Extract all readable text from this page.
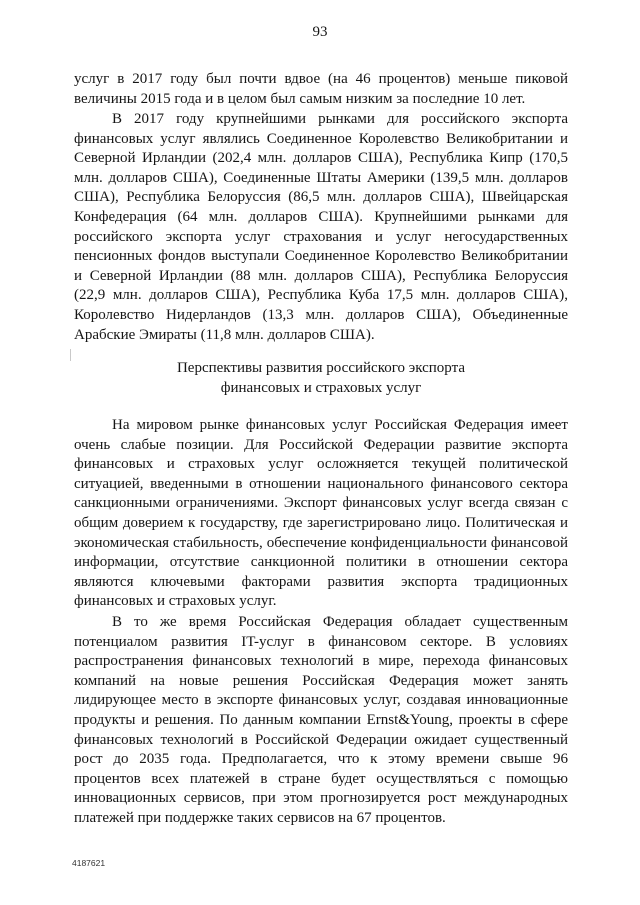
93

услуг в 2017 году был почти вдвое (на 46 процентов) меньше пиковой величины 2015 года и в целом был самым низким за последние 10 лет.

В 2017 году крупнейшими рынками для российского экспорта финансовых услуг являлись Соединенное Королевство Великобритании и Северной Ирландии (202,4 млн. долларов США), Республика Кипр (170,5 млн. долларов США), Соединенные Штаты Америки (139,5 млн. долларов США), Республика Белоруссия (86,5 млн. долларов США), Швейцарская Конфедерация (64 млн. долларов США). Крупнейшими рынками для российского экспорта услуг страхования и услуг негосударственных пенсионных фондов выступали Соединенное Королевство Великобритании и Северной Ирландии (88 млн. долларов США), Республика Белоруссия (22,9 млн. долларов США), Республика Куба 17,5 млн. долларов США), Королевство Нидерландов (13,3 млн. долларов США), Объединенные Арабские Эмираты (11,8 млн. долларов США).

Перспективы развития российского экспорта
финансовых и страховых услуг

На мировом рынке финансовых услуг Российская Федерация имеет очень слабые позиции. Для Российской Федерации развитие экспорта финансовых и страховых услуг осложняется текущей политической ситуацией, введенными в отношении национального финансового сектора санкционными ограничениями. Экспорт финансовых услуг всегда связан с общим доверием к государству, где зарегистрировано лицо. Политическая и экономическая стабильность, обеспечение конфиденциальности финансовой информации, отсутствие санкционной политики в отношении сектора являются ключевыми факторами развития экспорта традиционных финансовых и страховых услуг.

В то же время Российская Федерация обладает существенным потенциалом развития IT-услуг в финансовом секторе. В условиях распространения финансовых технологий в мире, перехода финансовых компаний на новые решения Российская Федерация может занять лидирующее место в экспорте финансовых услуг, создавая инновационные продукты и решения. По данным компании Ernst&Young, проекты в сфере финансовых технологий в Российской Федерации ожидает существенный рост до 2035 года. Предполагается, что к этому времени свыше 96 процентов всех платежей в стране будет осуществляться с помощью инновационных сервисов, при этом прогнозируется рост международных платежей при поддержке таких сервисов на 67 процентов.

4187621
